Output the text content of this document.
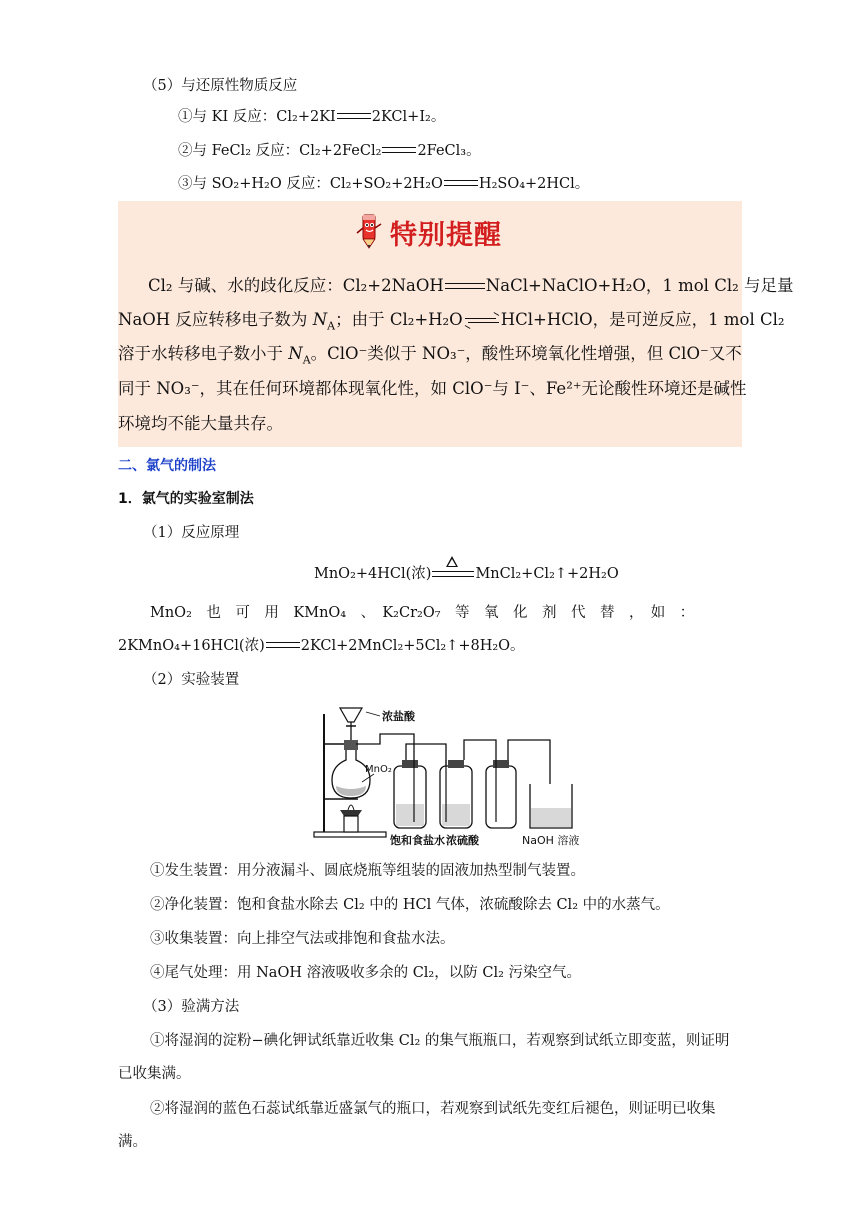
（5）与还原性物质反应
①与 KI 反应：Cl₂+2KI 2KCl+I₂。
②与 FeCl₂ 反应：Cl₂+2FeCl₂ 2FeCl₃。
③与 SO₂+H₂O 反应：Cl₂+SO₂+2H₂O H₂SO₄+2HCl。
特别提醒

Cl₂ 与碱、水的歧化反应：Cl₂+2NaOH	NaCl+NaClO+H₂O，1 mol Cl₂ 与足量

NaOH 反应转移电子数为 $N_A$；由于 Cl₂+H₂O HCl+HClO，是可逆反应，1 mol Cl₂

溶于水转移电子数小于 $N_A$。ClO⁻类似于 NO₃⁻，酸性环境氧化性增强，但 ClO⁻又不

同于 NO₃⁻，其在任何环境都体现氧化性，如 ClO⁻与 I⁻、Fe²⁺无论酸性环境还是碱性

环境均不能大量共存。

二、氯气的制法
1．氯气的实验室制法
（1）反应原理
MnO₂+4HCl(浓)	MnCl₂+Cl₂↑+2H₂O
MnO₂　也　可　用　KMnO₄　、　K₂Cr₂O₇　等　氧　化　剂　代　替　，　如　：
2KMnO₄+16HCl(浓) 2KCl+2MnCl₂+5Cl₂↑+8H₂O。
（2）实验装置
浓盐酸
MnO₂
饱和食盐水 浓硫酸	NaOH 溶液
①发生装置：用分液漏斗、圆底烧瓶等组装的固液加热型制气装置。
②净化装置：饱和食盐水除去 Cl₂ 中的 HCl 气体，浓硫酸除去 Cl₂ 中的水蒸气。
③收集装置：向上排空气法或排饱和食盐水法。
④尾气处理：用 NaOH 溶液吸收多余的 Cl₂，以防 Cl₂ 污染空气。
（3）验满方法
①将湿润的淀粉−碘化钾试纸靠近收集 Cl₂ 的集气瓶瓶口，若观察到试纸立即变蓝，则证明
已收集满。
②将湿润的蓝色石蕊试纸靠近盛氯气的瓶口，若观察到试纸先变红后褪色，则证明已收集
满。
